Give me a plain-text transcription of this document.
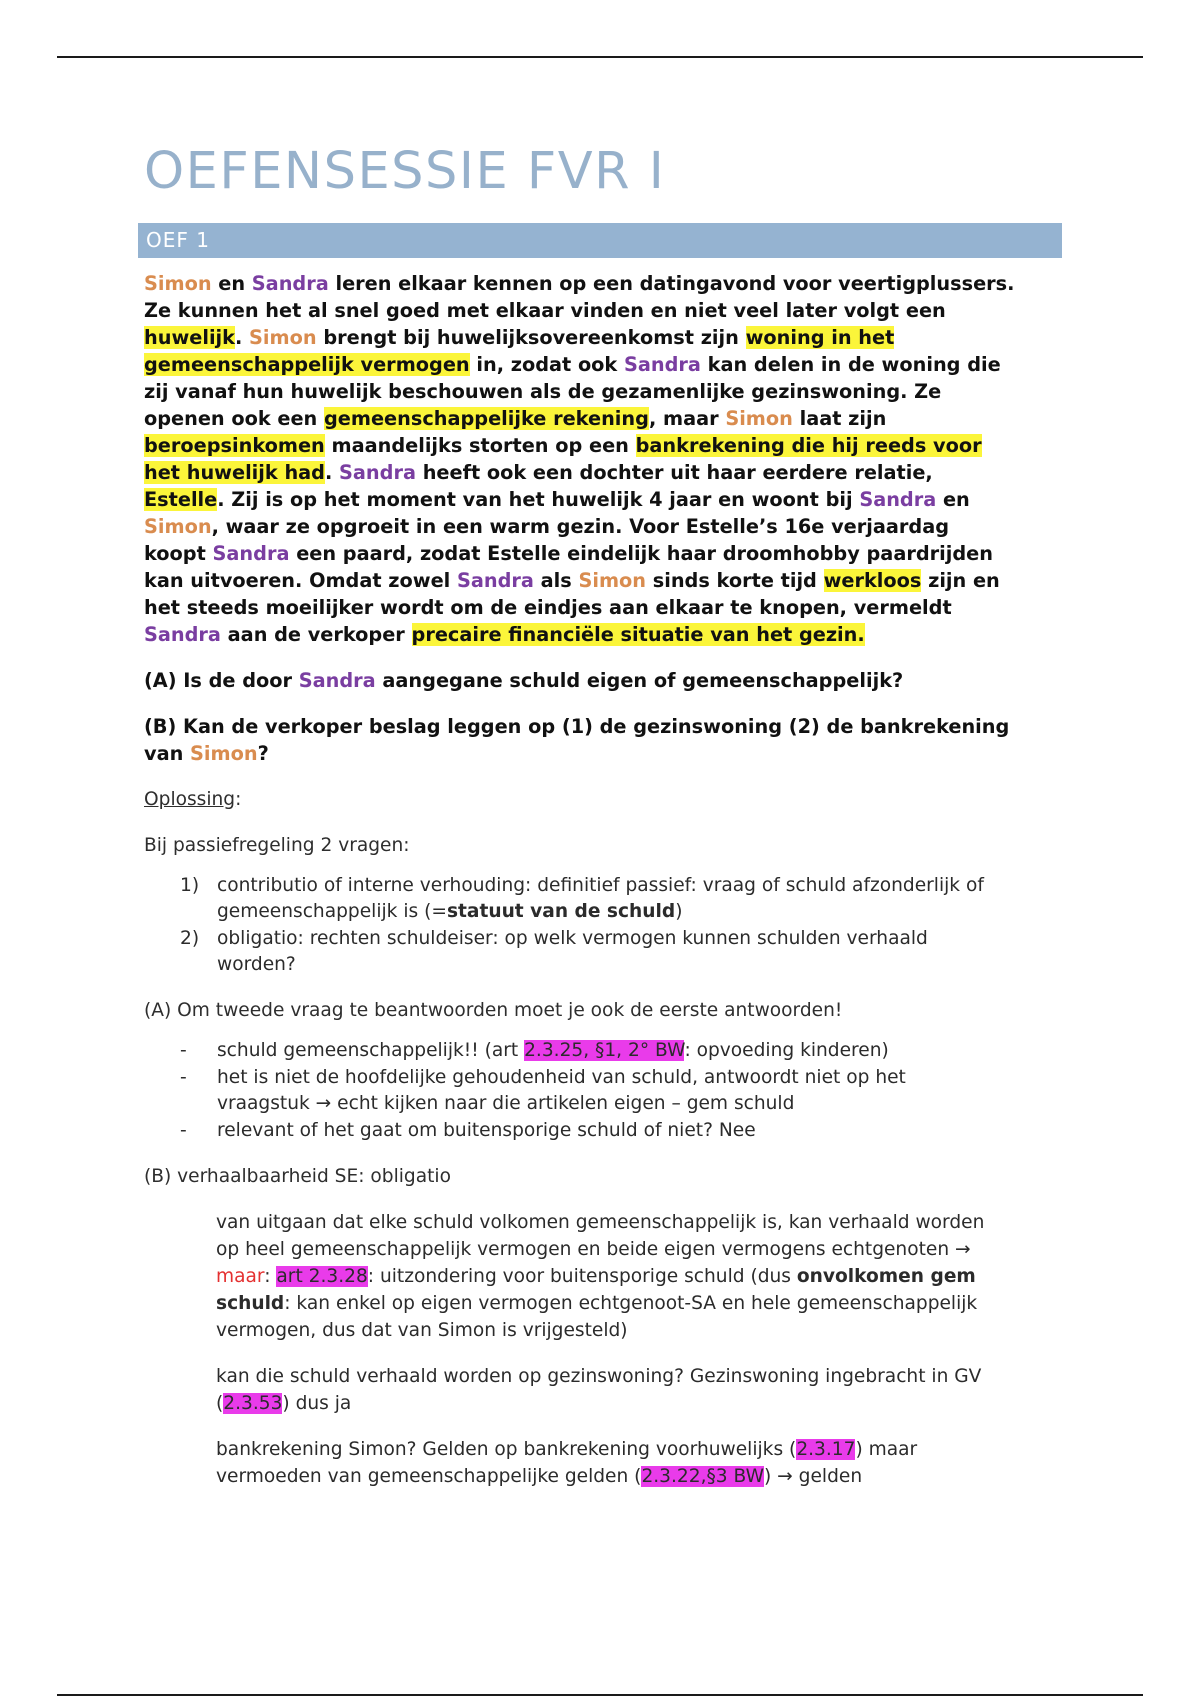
OEFENSESSIE FVR I
OEF 1
Simon en Sandra leren elkaar kennen op een datingavond voor veertigplussers.
Ze kunnen het al snel goed met elkaar vinden en niet veel later volgt een
huwelijk. Simon brengt bij huwelijksovereenkomst zijn woning in het
gemeenschappelijk vermogen in, zodat ook Sandra kan delen in de woning die
zij vanaf hun huwelijk beschouwen als de gezamenlijke gezinswoning. Ze
openen ook een gemeenschappelijke rekening, maar Simon laat zijn
beroepsinkomen maandelijks storten op een bankrekening die hij reeds voor
het huwelijk had. Sandra heeft ook een dochter uit haar eerdere relatie,
Estelle. Zij is op het moment van het huwelijk 4 jaar en woont bij Sandra en
Simon, waar ze opgroeit in een warm gezin. Voor Estelle’s 16e verjaardag
koopt Sandra een paard, zodat Estelle eindelijk haar droomhobby paardrijden
kan uitvoeren. Omdat zowel Sandra als Simon sinds korte tijd werkloos zijn en
het steeds moeilijker wordt om de eindjes aan elkaar te knopen, vermeldt
Sandra aan de verkoper precaire financiële situatie van het gezin.
(A) Is de door Sandra aangegane schuld eigen of gemeenschappelijk?
(B) Kan de verkoper beslag leggen op (1) de gezinswoning (2) de bankrekening
van Simon?
Oplossing:
Bij passiefregeling 2 vragen:
1) contributio of interne verhouding: definitief passief: vraag of schuld afzonderlijk of
gemeenschappelijk is (=statuut van de schuld)
2) obligatio: rechten schuldeiser: op welk vermogen kunnen schulden verhaald
worden?
(A) Om tweede vraag te beantwoorden moet je ook de eerste antwoorden!
- schuld gemeenschappelijk!! (art 2.3.25, §1, 2° BW: opvoeding kinderen)
- het is niet de hoofdelijke gehoudenheid van schuld, antwoordt niet op het
vraagstuk → echt kijken naar die artikelen eigen – gem schuld
- relevant of het gaat om buitensporige schuld of niet? Nee
(B) verhaalbaarheid SE: obligatio
van uitgaan dat elke schuld volkomen gemeenschappelijk is, kan verhaald worden
op heel gemeenschappelijk vermogen en beide eigen vermogens echtgenoten →
maar: art 2.3.28: uitzondering voor buitensporige schuld (dus onvolkomen gem
schuld: kan enkel op eigen vermogen echtgenoot-SA en hele gemeenschappelijk
vermogen, dus dat van Simon is vrijgesteld)
kan die schuld verhaald worden op gezinswoning? Gezinswoning ingebracht in GV
(2.3.53) dus ja
bankrekening Simon? Gelden op bankrekening voorhuwelijks (2.3.17) maar
vermoeden van gemeenschappelijke gelden (2.3.22,§3 BW) → gelden
